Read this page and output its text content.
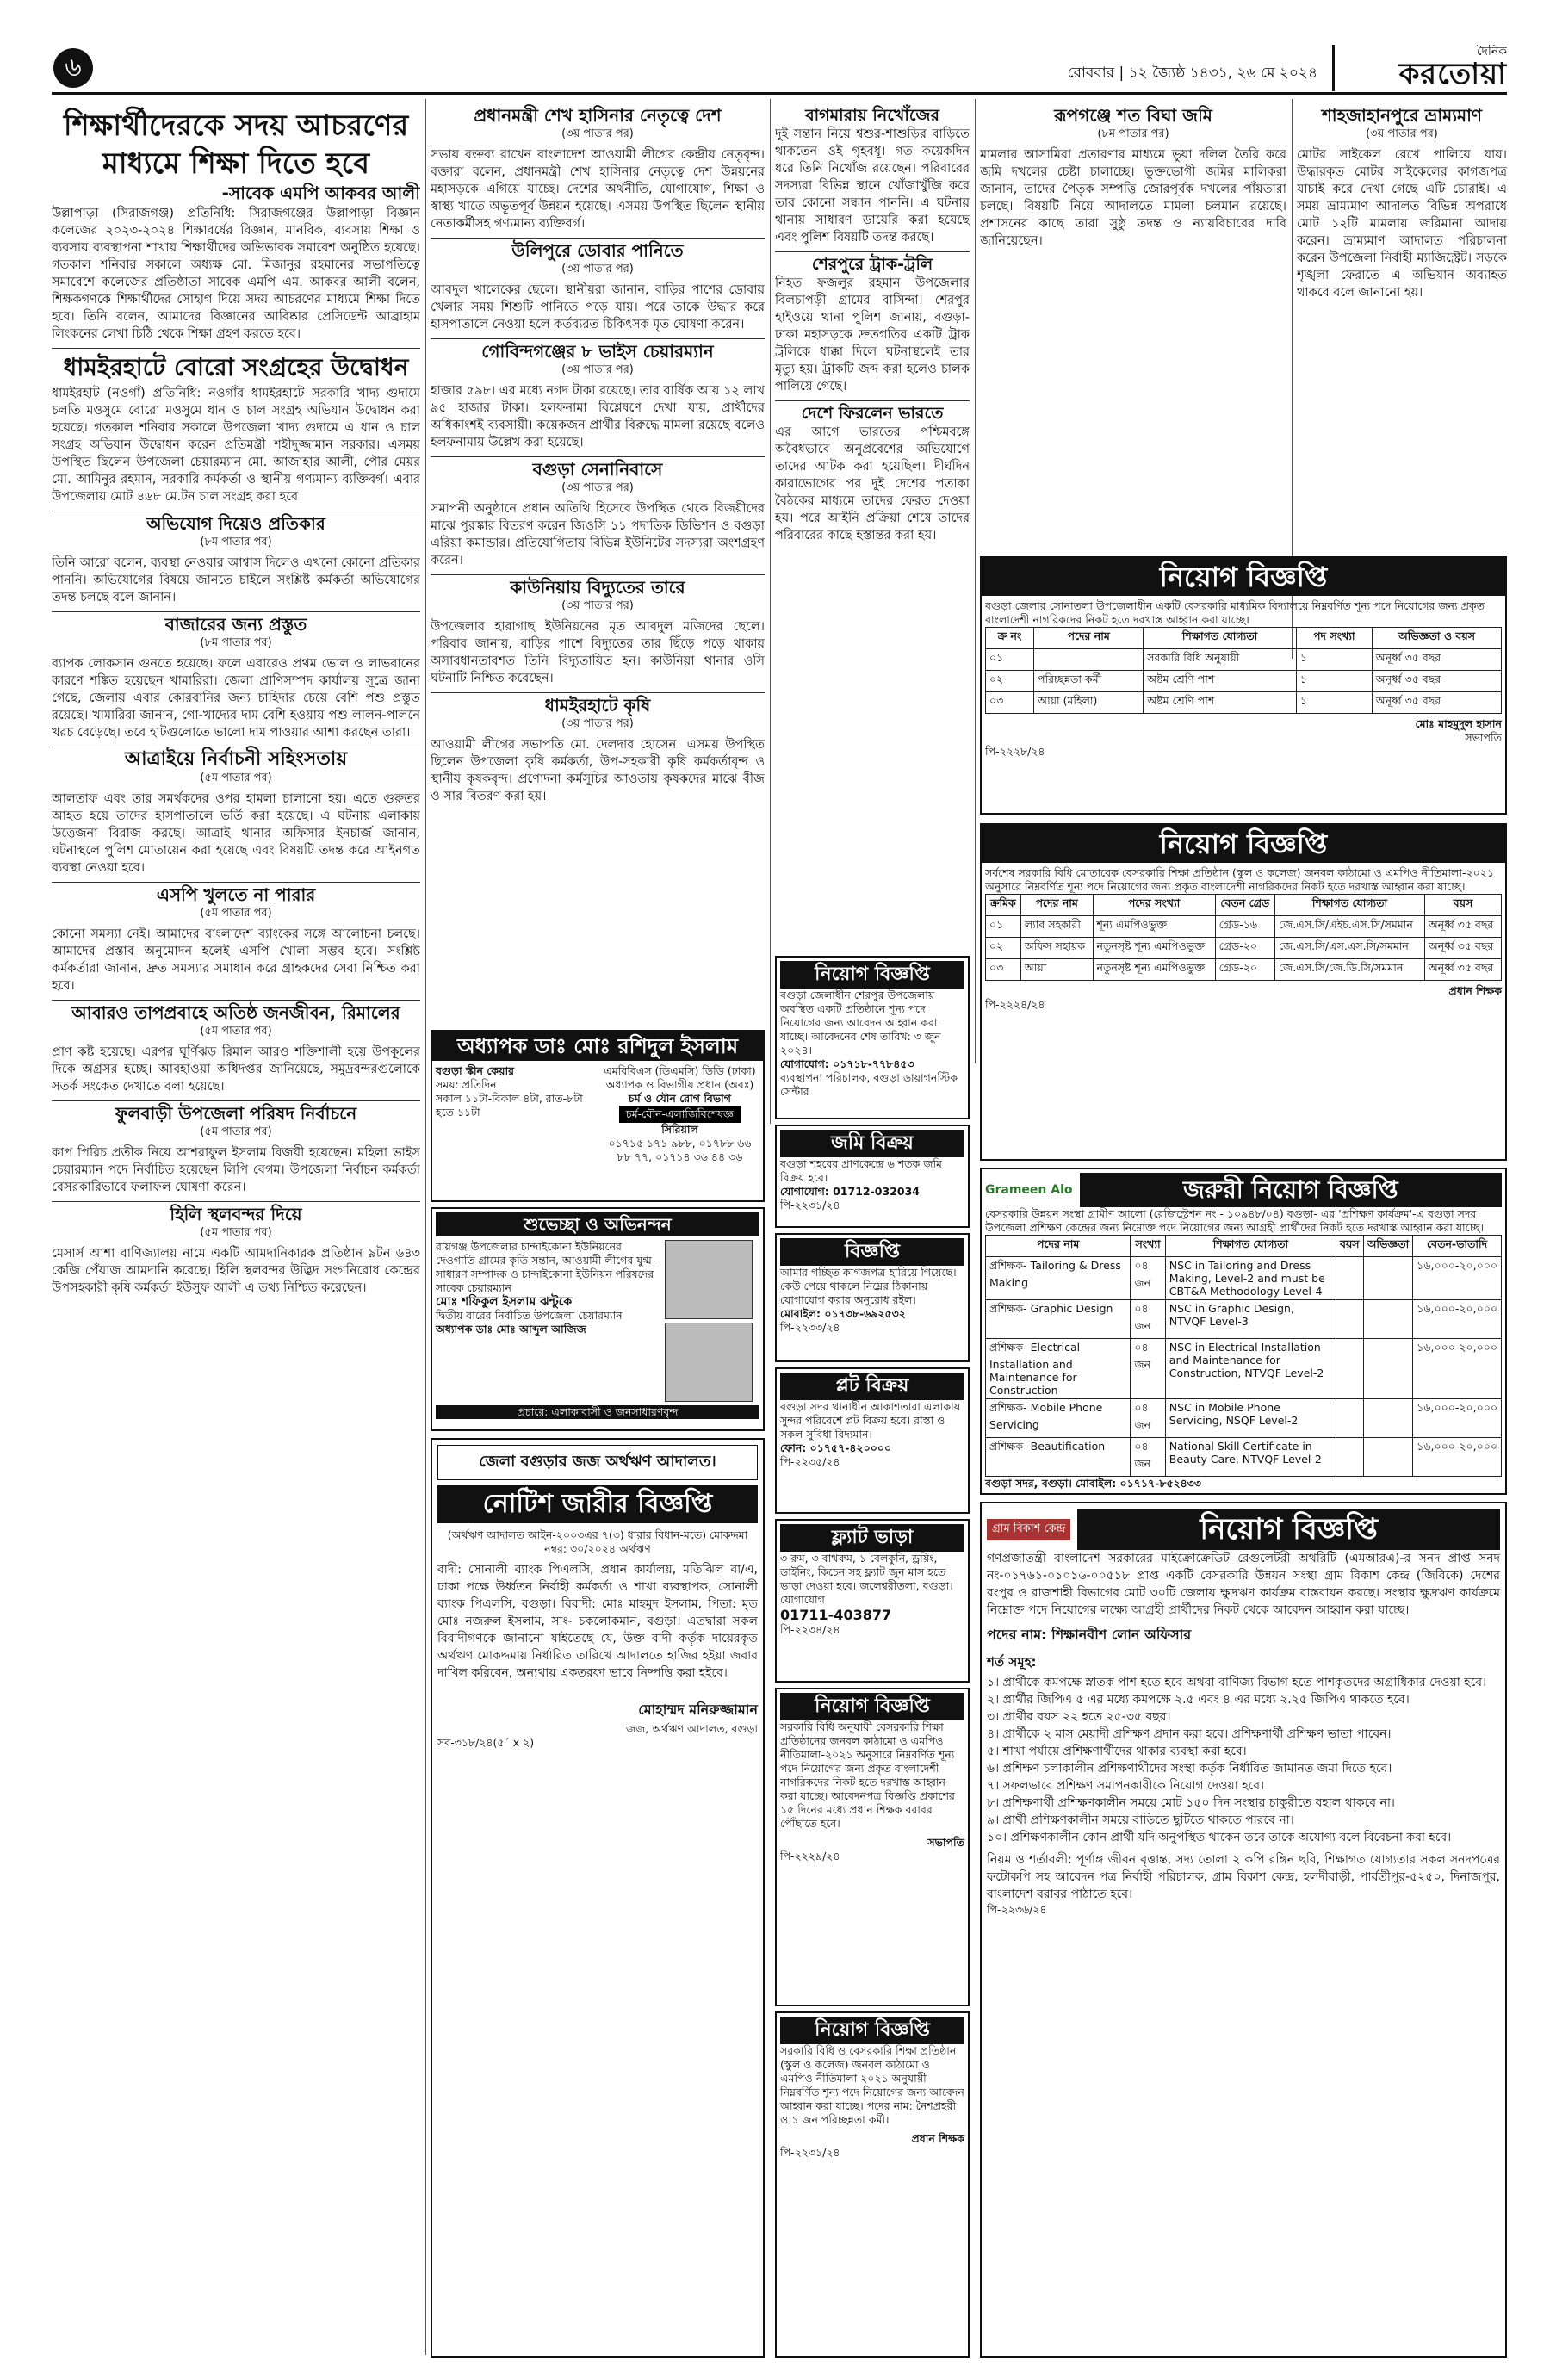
৬	রোববার | ১২ জ্যৈষ্ঠ ১৪৩১, ২৬ মে ২০২৪
দৈনিক
করতোয়া
শিক্ষার্থীদেরকে সদয় আচরণের মাধ্যমে শিক্ষা দিতে হবে
-সাবেক এমপি আকবর আলী

উল্লাপাড়া (সিরাজগঞ্জ) প্রতিনিধি: সিরাজগঞ্জের উল্লাপাড়া বিজ্ঞান কলেজের ২০২৩-২০২৪ শিক্ষাবর্ষের বিজ্ঞান, মানবিক, ব্যবসায় শিক্ষা ও ব্যবসায় ব্যবস্থাপনা শাখায় শিক্ষার্থীদের অভিভাবক সমাবেশ অনুষ্ঠিত হয়েছে। গতকাল শনিবার সকালে অধ্যক্ষ মো. মিজানুর রহমানের সভাপতিত্বে সমাবেশে কলেজের প্রতিষ্ঠাতা সাবেক এমপি এম. আকবর আলী বলেন, শিক্ষকগণকে শিক্ষার্থীদের সোহাগ দিয়ে সদয় আচরণের মাধ্যমে শিক্ষা দিতে হবে। তিনি বলেন, আমাদের বিজ্ঞানের আবিষ্কার প্রেসিডেন্ট আব্রাহাম লিংকনের লেখা চিঠি থেকে শিক্ষা গ্রহণ করতে হবে।

ধামইরহাটে বোরো সংগ্রহের উদ্বোধন

ধামইরহাট (নওগাঁ) প্রতিনিধি: নওগাঁর ধামইরহাটে সরকারি খাদ্য গুদামে চলতি মওসুমে বোরো মওসুমে ধান ও চাল সংগ্রহ অভিযান উদ্বোধন করা হয়েছে। গতকাল শনিবার সকালে উপজেলা খাদ্য গুদামে এ ধান ও চাল সংগ্রহ অভিযান উদ্বোধন করেন প্রতিমন্ত্রী শহীদুজ্জামান সরকার। এসময় উপস্থিত ছিলেন উপজেলা চেয়ারম্যান মো. আজাহার আলী, পৌর মেয়র মো. আমিনুর রহমান, সরকারি কর্মকর্তা ও স্থানীয় গণ্যমান্য ব্যক্তিবর্গ। এবার উপজেলায় মোট ৪৬৮ মে.টন চাল সংগ্রহ করা হবে।

অভিযোগ দিয়েও প্রতিকার
(৮ম পাতার পর)

তিনি আরো বলেন, ব্যবস্থা নেওয়ার আশ্বাস দিলেও এখনো কোনো প্রতিকার পাননি। অভিযোগের বিষয়ে জানতে চাইলে সংশ্লিষ্ট কর্মকর্তা অভিযোগের তদন্ত চলছে বলে জানান।

বাজারের জন্য প্রস্তুত
(৮ম পাতার পর)

ব্যাপক লোকসান গুনতে হয়েছে। ফলে এবারেও প্রথম ভোল ও লাভবানের কারণে শঙ্কিত হয়েছেন খামারিরা। জেলা প্রাণিসম্পদ কার্যালয় সূত্রে জানা গেছে, জেলায় এবার কোরবানির জন্য চাহিদার চেয়ে বেশি পশু প্রস্তুত রয়েছে। খামারিরা জানান, গো-খাদ্যের দাম বেশি হওয়ায় পশু লালন-পালনে খরচ বেড়েছে। তবে হাটগুলোতে ভালো দাম পাওয়ার আশা করছেন তারা।

আত্রাইয়ে নির্বাচনী সহিংসতায়
(৫ম পাতার পর)

আলতাফ এবং তার সমর্থকদের ওপর হামলা চালানো হয়। এতে গুরুতর আহত হয়ে তাদের হাসপাতালে ভর্তি করা হয়েছে। এ ঘটনায় এলাকায় উত্তেজনা বিরাজ করছে। আত্রাই থানার অফিসার ইনচার্জ জানান, ঘটনাস্থলে পুলিশ মোতায়েন করা হয়েছে এবং বিষয়টি তদন্ত করে আইনগত ব্যবস্থা নেওয়া হবে।

এসপি খুলতে না পারার
(৫ম পাতার পর)

কোনো সমস্যা নেই। আমাদের বাংলাদেশ ব্যাংকের সঙ্গে আলোচনা চলছে। আমাদের প্রস্তাব অনুমোদন হলেই এসপি খোলা সম্ভব হবে। সংশ্লিষ্ট কর্মকর্তারা জানান, দ্রুত সমস্যার সমাধান করে গ্রাহকদের সেবা নিশ্চিত করা হবে।

আবারও তাপপ্রবাহে অতিষ্ঠ জনজীবন, রিমালের
(৫ম পাতার পর)

প্রাণ কষ্ট হয়েছে। এরপর ঘূর্ণিঝড় রিমাল আরও শক্তিশালী হয়ে উপকূলের দিকে অগ্রসর হচ্ছে। আবহাওয়া অধিদপ্তর জানিয়েছে, সমুদ্রবন্দরগুলোকে সতর্ক সংকেত দেখাতে বলা হয়েছে।

ফুলবাড়ী উপজেলা পরিষদ নির্বাচনে
(৫ম পাতার পর)

কাপ পিরিচ প্রতীক নিয়ে আশরাফুল ইসলাম বিজয়ী হয়েছেন। মহিলা ভাইস চেয়ারম্যান পদে নির্বাচিত হয়েছেন লিপি বেগম। উপজেলা নির্বাচন কর্মকর্তা বেসরকারিভাবে ফলাফল ঘোষণা করেন।

হিলি স্থলবন্দর দিয়ে
(৫ম পাতার পর)

মেসার্স আশা বাণিজ্যালয় নামে একটি আমদানিকারক প্রতিষ্ঠান ৯টন ৬৪৩ কেজি পেঁয়াজ আমদানি করেছে। হিলি স্থলবন্দর উদ্ভিদ সংগনিরোধ কেন্দ্রের উপসহকারী কৃষি কর্মকর্তা ইউসুফ আলী এ তথ্য নিশ্চিত করেছেন।

প্রধানমন্ত্রী শেখ হাসিনার নেতৃত্বে দেশ
(৩য় পাতার পর)

সভায় বক্তব্য রাখেন বাংলাদেশ আওয়ামী লীগের কেন্দ্রীয় নেতৃবৃন্দ। বক্তারা বলেন, প্রধানমন্ত্রী শেখ হাসিনার নেতৃত্বে দেশ উন্নয়নের মহাসড়কে এগিয়ে যাচ্ছে। দেশের অর্থনীতি, যোগাযোগ, শিক্ষা ও স্বাস্থ্য খাতে অভূতপূর্ব উন্নয়ন হয়েছে। এসময় উপস্থিত ছিলেন স্থানীয় নেতাকর্মীসহ গণ্যমান্য ব্যক্তিবর্গ।

উলিপুরে ডোবার পানিতে
(৩য় পাতার পর)

আবদুল খালেকের ছেলে। স্থানীয়রা জানান, বাড়ির পাশের ডোবায় খেলার সময় শিশুটি পানিতে পড়ে যায়। পরে তাকে উদ্ধার করে হাসপাতালে নেওয়া হলে কর্তব্যরত চিকিৎসক মৃত ঘোষণা করেন।

গোবিন্দগঞ্জের ৮ ভাইস চেয়ারম্যান
(৩য় পাতার পর)

হাজার ৫৯৮। এর মধ্যে নগদ টাকা রয়েছে। তার বার্ষিক আয় ১২ লাখ ৯৫ হাজার টাকা। হলফনামা বিশ্লেষণে দেখা যায়, প্রার্থীদের অধিকাংশই ব্যবসায়ী। কয়েকজন প্রার্থীর বিরুদ্ধে মামলা রয়েছে বলেও হলফনামায় উল্লেখ করা হয়েছে।

বগুড়া সেনানিবাসে
(৩য় পাতার পর)

সমাপনী অনুষ্ঠানে প্রধান অতিথি হিসেবে উপস্থিত থেকে বিজয়ীদের মাঝে পুরস্কার বিতরণ করেন জিওসি ১১ পদাতিক ডিভিশন ও বগুড়া এরিয়া কমান্ডার। প্রতিযোগিতায় বিভিন্ন ইউনিটের সদস্যরা অংশগ্রহণ করেন।

কাউনিয়ায় বিদ্যুতের তারে
(৩য় পাতার পর)

উপজেলার হারাগাছ ইউনিয়নের মৃত আবদুল মজিদের ছেলে। পরিবার জানায়, বাড়ির পাশে বিদ্যুতের তার ছিঁড়ে পড়ে থাকায় অসাবধানতাবশত তিনি বিদ্যুতায়িত হন। কাউনিয়া থানার ওসি ঘটনাটি নিশ্চিত করেছেন।

ধামইরহাটে কৃষি
(৩য় পাতার পর)

আওয়ামী লীগের সভাপতি মো. দেলদার হোসেন। এসময় উপস্থিত ছিলেন উপজেলা কৃষি কর্মকর্তা, উপ-সহকারী কৃষি কর্মকর্তাবৃন্দ ও স্থানীয় কৃষকবৃন্দ। প্রণোদনা কর্মসূচির আওতায় কৃষকদের মাঝে বীজ ও সার বিতরণ করা হয়।

বাগমারায় নিখোঁজের

দুই সন্তান নিয়ে শ্বশুর-শাশুড়ির বাড়িতে থাকতেন ওই গৃহবধূ। গত কয়েকদিন ধরে তিনি নিখোঁজ রয়েছেন। পরিবারের সদস্যরা বিভিন্ন স্থানে খোঁজাখুঁজি করে তার কোনো সন্ধান পাননি। এ ঘটনায় থানায় সাধারণ ডায়েরি করা হয়েছে এবং পুলিশ বিষয়টি তদন্ত করছে।

শেরপুরে ট্রাক-ট্রলি

নিহত ফজলুর রহমান উপজেলার বিলচাপড়ী গ্রামের বাসিন্দা। শেরপুর হাইওয়ে থানা পুলিশ জানায়, বগুড়া-ঢাকা মহাসড়কে দ্রুতগতির একটি ট্রাক ট্রলিকে ধাক্কা দিলে ঘটনাস্থলেই তার মৃত্যু হয়। ট্রাকটি জব্দ করা হলেও চালক পালিয়ে গেছে।

দেশে ফিরলেন ভারতে

এর আগে ভারতের পশ্চিমবঙ্গে অবৈধভাবে অনুপ্রবেশের অভিযোগে তাদের আটক করা হয়েছিল। দীর্ঘদিন কারাভোগের পর দুই দেশের পতাকা বৈঠকের মাধ্যমে তাদের ফেরত দেওয়া হয়। পরে আইনি প্রক্রিয়া শেষে তাদের পরিবারের কাছে হস্তান্তর করা হয়।

রূপগঞ্জে শত বিঘা জমি
(৮ম পাতার পর)

মামলার আসামিরা প্রতারণার মাধ্যমে ভুয়া দলিল তৈরি করে জমি দখলের চেষ্টা চালাচ্ছে। ভুক্তভোগী জমির মালিকরা জানান, তাদের পৈতৃক সম্পত্তি জোরপূর্বক দখলের পাঁয়তারা চলছে। বিষয়টি নিয়ে আদালতে মামলা চলমান রয়েছে। প্রশাসনের কাছে তারা সুষ্ঠু তদন্ত ও ন্যায়বিচারের দাবি জানিয়েছেন।

শাহজাহানপুরে ভ্রাম্যমাণ
(৩য় পাতার পর)

মোটর সাইকেল রেখে পালিয়ে যায়। উদ্ধারকৃত মোটর সাইকেলের কাগজপত্র যাচাই করে দেখা গেছে এটি চোরাই। এ সময় ভ্রাম্যমাণ আদালত বিভিন্ন অপরাধে মোট ১২টি মামলায় জরিমানা আদায় করেন। ভ্রাম্যমাণ আদালত পরিচালনা করেন উপজেলা নির্বাহী ম্যাজিস্ট্রেট। সড়কে শৃঙ্খলা ফেরাতে এ অভিযান অব্যাহত থাকবে বলে জানানো হয়।

নিয়োগ বিজ্ঞপ্তি
বগুড়া জেলার সোনাতলা উপজেলাধীন একটি বেসরকারি মাধ্যমিক বিদ্যালয়ে নিম্নবর্ণিত শূন্য পদে নিয়োগের জন্য প্রকৃত বাংলাদেশী নাগরিকদের নিকট হতে দরখাস্ত আহ্বান করা যাচ্ছে।
ক্র নং	পদের নাম	শিক্ষাগত যোগ্যতা	পদ সংখ্যা	অভিজ্ঞতা ও বয়স
০১		সরকারি বিধি অনুযায়ী	১	অনূর্ধ্ব ৩৫ বছর
০২	পরিচ্ছন্নতা কর্মী	অষ্টম শ্রেণি পাশ	১	অনূর্ধ্ব ৩৫ বছর
০৩	আয়া (মহিলা)	অষ্টম শ্রেণি পাশ	১	অনূর্ধ্ব ৩৫ বছর
মোঃ মাহমুদুল হাসান
সভাপতি
পি-২২২৮/২৪
নিয়োগ বিজ্ঞপ্তি
সর্বশেষ সরকারি বিধি মোতাবেক বেসরকারি শিক্ষা প্রতিষ্ঠান (স্কুল ও কলেজ) জনবল কাঠামো ও এমপিও নীতিমালা-২০২১ অনুসারে নিম্নবর্ণিত শূন্য পদে নিয়োগের জন্য প্রকৃত বাংলাদেশী নাগরিকদের নিকট হতে দরখাস্ত আহ্বান করা যাচ্ছে।
ক্রমিক	পদের নাম	পদের সংখ্যা	বেতন গ্রেড	শিক্ষাগত যোগ্যতা	বয়স
০১	ল্যাব সহকারী	শূন্য এমপিওভুক্ত	গ্রেড-১৬	জে.এস.সি/এইচ.এস.সি/সমমান	অনূর্ধ্ব ৩৫ বছর
০২	অফিস সহায়ক	নতুনসৃষ্ট শূন্য এমপিওভুক্ত	গ্রেড-২০	জে.এস.সি/এস.এস.সি/সমমান	অনূর্ধ্ব ৩৫ বছর
০৩	আয়া	নতুনসৃষ্ট শূন্য এমপিওভুক্ত	গ্রেড-২০	জে.এস.সি/জে.ডি.সি/সমমান	অনূর্ধ্ব ৩৫ বছর
প্রধান শিক্ষক
পি-২২২৪/২৪
Grameen Alo	জরুরী নিয়োগ বিজ্ঞপ্তি
বেসরকারি উন্নয়ন সংস্থা গ্রামীণ আলো (রেজিস্ট্রেশন নং - ১০৯৪৮/০৪) বগুড়া- এর 'প্রশিক্ষণ কার্যক্রম'-এ বগুড়া সদর উপজেলা প্রশিক্ষণ কেন্দ্রের জন্য নিম্নোক্ত পদে নিয়োগের জন্য আগ্রহী প্রার্থীদের নিকট হতে দরখাস্ত আহ্বান করা যাচ্ছে।
পদের নাম	সংখ্যা	শিক্ষাগত যোগ্যতা	বয়স	অভিজ্ঞতা	বেতন-ভাতাদি
প্রশিক্ষক- Tailoring & Dress Making	০৪ জন	NSC in Tailoring and Dress Making, Level-2 and must be CBT&A Methodology Level-4			১৬,০০০-২০,০০০
প্রশিক্ষক- Graphic Design	০৪ জন	NSC in Graphic Design, NTVQF Level-3			১৬,০০০-২০,০০০
প্রশিক্ষক- Electrical Installation and Maintenance for Construction	০৪ জন	NSC in Electrical Installation and Maintenance for Construction, NTVQF Level-2			১৬,০০০-২০,০০০
প্রশিক্ষক- Mobile Phone Servicing	০৪ জন	NSC in Mobile Phone Servicing, NSQF Level-2			১৬,০০০-২০,০০০
প্রশিক্ষক- Beautification	০৪ জন	National Skill Certificate in Beauty Care, NTVQF Level-2			১৬,০০০-২০,০০০
বগুড়া সদর, বগুড়া। মোবাইল: ০১৭১৭-৮৫২৪৩৩
গ্রাম বিকাশ কেন্দ্র	নিয়োগ বিজ্ঞপ্তি
গণপ্রজাতন্ত্রী বাংলাদেশ সরকারের মাইক্রোক্রেডিট রেগুলেটরী অথরিটি (এমআরএ)-র সনদ প্রাপ্ত সনদ নং-০১৭৬১-০১০১৬-০০৫১৮ প্রাপ্ত একটি বেসরকারি উন্নয়ন সংস্থা গ্রাম বিকাশ কেন্দ্র (জিবিকে) দেশের রংপুর ও রাজশাহী বিভাগের মোট ৩০টি জেলায় ক্ষুদ্রঋণ কার্যক্রম বাস্তবায়ন করছে। সংস্থার ক্ষুদ্রঋণ কার্যক্রমে নিম্নোক্ত পদে নিয়োগের লক্ষ্যে আগ্রহী প্রার্থীদের নিকট থেকে আবেদন আহ্বান করা যাচ্ছে।
পদের নাম: শিক্ষানবীশ লোন অফিসার
শর্ত সমূহ:
১। প্রার্থীকে কমপক্ষে স্নাতক পাশ হতে হবে অথবা বাণিজ্য বিভাগ হতে পাশকৃতদের অগ্রাধিকার দেওয়া হবে।
২। প্রার্থীর জিপিএ ৫ এর মধ্যে কমপক্ষে ২.৫ এবং ৪ এর মধ্যে ২.২৫ জিপিএ থাকতে হবে।
৩। প্রার্থীর বয়স ২২ হতে ২৫-৩৫ বছর।
৪। প্রার্থীকে ২ মাস মেয়াদী প্রশিক্ষণ প্রদান করা হবে। প্রশিক্ষণার্থী প্রশিক্ষণ ভাতা পাবেন।
৫। শাখা পর্যায়ে প্রশিক্ষণার্থীদের থাকার ব্যবস্থা করা হবে।
৬। প্রশিক্ষণ চলাকালীন প্রশিক্ষণার্থীদের সংস্থা কর্তৃক নির্ধারিত জামানত জমা দিতে হবে।
৭। সফলভাবে প্রশিক্ষণ সমাপনকারীকে নিয়োগ দেওয়া হবে।
৮। প্রশিক্ষণার্থী প্রশিক্ষণকালীন সময়ে মোট ১৫০ দিন সংস্থার চাকুরীতে বহাল থাকবে না।
৯। প্রার্থী প্রশিক্ষণকালীন সময়ে বাড়িতে ছুটিতে থাকতে পারবে না।
১০। প্রশিক্ষণকালীন কোন প্রার্থী যদি অনুপস্থিত থাকেন তবে তাকে অযোগ্য বলে বিবেচনা করা হবে।
নিয়ম ও শর্তাবলী: পূর্ণাঙ্গ জীবন বৃত্তান্ত, সদ্য তোলা ২ কপি রঙ্গিন ছবি, শিক্ষাগত যোগ্যতার সকল সনদপত্রের ফটোকপি সহ আবেদন পত্র নির্বাহী পরিচালক, গ্রাম বিকাশ কেন্দ্র, হলদীবাড়ী, পার্বতীপুর-৫২৫০, দিনাজপুর, বাংলাদেশ বরাবর পাঠাতে হবে।
পি-২২৩৬/২৪
অধ্যাপক ডাঃ মোঃ রশিদুল ইসলাম
বগুড়া স্কীন কেয়ার
সময়: প্রতিদিন
সকাল ১১টা-বিকাল ৪টা, রাত-৮টা হতে ১১টা
এমবিবিএস (ডিএমসি) ডিডি (ঢাকা)
অধ্যাপক ও বিভাগীয় প্রধান (অবঃ)
চর্ম ও যৌন রোগ বিভাগ
চর্ম-যৌন-এলার্জিবিশেষজ্ঞ
সিরিয়াল
০১৭১৫ ১৭১ ৯৮৮, ০১৭৮৮ ৬৬ ৮৮ ৭৭, ০১৭১৪ ৩৬ ৪৪ ৩৬
শুভেচ্ছা ও অভিনন্দন
রায়গঞ্জ উপজেলার চান্দাইকোনা ইউনিয়নের দেওগাতি গ্রামের কৃতি সন্তান, আওয়ামী লীগের যুগ্ম-সাধারণ সম্পাদক ও চান্দাইকোনা ইউনিয়ন পরিষদের সাবেক চেয়ারম্যান
মোঃ শফিকুল ইসলাম ঝন্টুকে
দ্বিতীয় বারের নির্বাচিত উপজেলা চেয়ারম্যান
অধ্যাপক ডাঃ মোঃ আব্দুল আজিজ
প্রচারে: এলাকাবাসী ও জনসাধারণবৃন্দ
জেলা বগুড়ার জজ অর্থঋণ আদালত।
নোটিশ জারীর বিজ্ঞপ্তি
(অর্থঋণ আদালত আইন-২০০৩এর ৭(৩) ধারার বিধান-মতে) মোকদ্দমা নম্বর: ৩০/২০২৪ অর্থঋণ
বাদী: সোনালী ব্যাংক পিএলসি, প্রধান কার্যালয়, মতিঝিল বা/এ, ঢাকা পক্ষে উর্ধ্বতন নির্বাহী কর্মকর্তা ও শাখা ব্যবস্থাপক, সোনালী ব্যাংক পিএলসি, বগুড়া। বিবাদী: মোঃ মাহমুদ ইসলাম, পিতা: মৃত মোঃ নজরুল ইসলাম, সাং- চকলোকমান, বগুড়া। এতদ্বারা সকল বিবাদীগণকে জানানো যাইতেছে যে, উক্ত বাদী কর্তৃক দায়েরকৃত অর্থঋণ মোকদ্দমায় নির্ধারিত তারিখে আদালতে হাজির হইয়া জবাব দাখিল করিবেন, অন্যথায় একতরফা ভাবে নিষ্পত্তি করা হইবে।
মোহাম্মদ মনিরুজ্জামান
জজ, অর্থঋণ আদালত, বগুড়া
সব-৩১৮/২৪(৫´ x ২)
নিয়োগ বিজ্ঞপ্তি
বগুড়া জেলাধীন শেরপুর উপজেলায় অবস্থিত একটি প্রতিষ্ঠানে শূন্য পদে নিয়োগের জন্য আবেদন আহ্বান করা যাচ্ছে। আবেদনের শেষ তারিখ: ৩ জুন ২০২৪।
যোগাযোগ: ০১৭১৮-৭৭৮৪৫৩
ব্যবস্থাপনা পরিচালক, বগুড়া ডায়াগনস্টিক সেন্টার
জমি বিক্রয়
বগুড়া শহরের প্রাণকেন্দ্রে ৬ শতক জমি বিক্রয় হবে।
যোগাযোগ: 01712-032034
পি-২২৩১/২৪
বিজ্ঞপ্তি
আমার গচ্ছিত কাগজপত্র হারিয়ে গিয়েছে। কেউ পেয়ে থাকলে নিম্নের ঠিকানায় যোগাযোগ করার অনুরোধ রইল।
মোবাইল: ০১৭৩৮-৬৯২৫৩২
পি-২২৩৩/২৪
প্লট বিক্রয়
বগুড়া সদর থানাধীন আকাশতারা এলাকায় সুন্দর পরিবেশে প্লট বিক্রয় হবে। রাস্তা ও সকল সুবিধা বিদ্যমান।
ফোন: ০১৭৫৭-৪২০০০০
পি-২২৩৫/২৪
ফ্ল্যাট ভাড়া
৩ রুম, ৩ বাথরুম, ১ বেলকুনি, ড্রয়িং, ডাইনিং, কিচেন সহ ফ্ল্যাট জুন মাস হতে ভাড়া দেওয়া হবে। জলেশ্বরীতলা, বগুড়া।
যোগাযোগ
01711-403877
পি-২২৩৪/২৪
নিয়োগ বিজ্ঞপ্তি
সরকারি বিধি অনুযায়ী বেসরকারি শিক্ষা প্রতিষ্ঠানের জনবল কাঠামো ও এমপিও নীতিমালা-২০২১ অনুসারে নিম্নবর্ণিত শূন্য পদে নিয়োগের জন্য প্রকৃত বাংলাদেশী নাগরিকদের নিকট হতে দরখাস্ত আহ্বান করা যাচ্ছে। আবেদনপত্র বিজ্ঞপ্তি প্রকাশের ১৫ দিনের মধ্যে প্রধান শিক্ষক বরাবর পৌঁছাতে হবে।
সভাপতি
পি-২২২৯/২৪
নিয়োগ বিজ্ঞপ্তি
সরকারি বিধি ও বেসরকারি শিক্ষা প্রতিষ্ঠান (স্কুল ও কলেজ) জনবল কাঠামো ও এমপিও নীতিমালা ২০২১ অনুযায়ী নিম্নবর্ণিত শূন্য পদে নিয়োগের জন্য আবেদন আহ্বান করা যাচ্ছে। পদের নাম: নৈশপ্রহরী ও ১ জন পরিচ্ছন্নতা কর্মী।
প্রধান শিক্ষক
পি-২২৩১/২৪
